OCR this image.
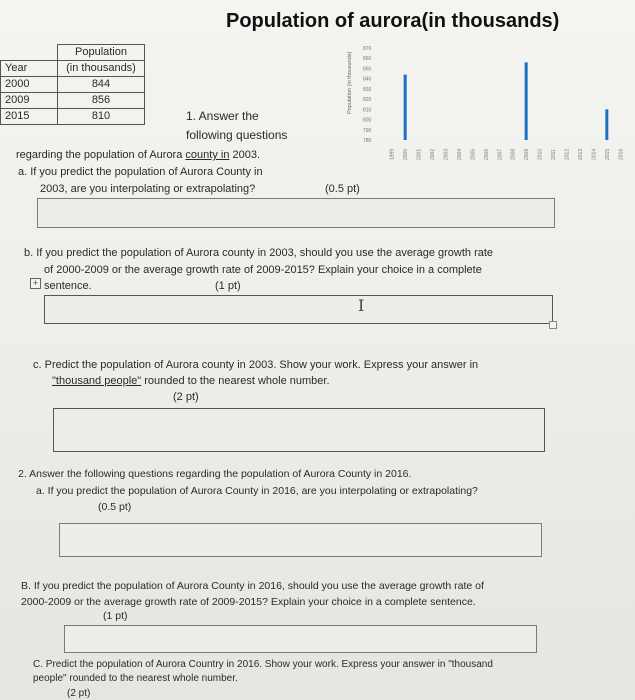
Population of aurora(in thousands)
	Population
Year	(in thousands)
2000	844
2009	856
2015	810
Population (in thousands)
780
790
800
810
820
830
840
850
860
870
1999 2000 2001 2002 2003 2004 2005 2006 2007 2008 2009 2010 2011 2012 2013 2014 2015 2016
1. Answer the
following questions
regarding the population of Aurora county in 2003.
a. If you predict the population of Aurora County in
2003, are you interpolating or extrapolating?	(0.5 pt)
b. If you predict the population of Aurora county in 2003, should you use the average growth rate
of 2000-2009 or the average growth rate of 2009-2015? Explain your choice in a complete
+ sentence.	(1 pt)
I
c. Predict the population of Aurora county in 2003. Show your work. Express your answer in
"thousand people" rounded to the nearest whole number.
(2 pt)
2. Answer the following questions regarding the population of Aurora County in 2016.
a. If you predict the population of Aurora County in 2016, are you interpolating or extrapolating?
(0.5 pt)
B. If you predict the population of Aurora County in 2016, should you use the average growth rate of
2000-2009 or the average growth rate of 2009-2015? Explain your choice in a complete sentence.
(1 pt)
C. Predict the population of Aurora Country in 2016. Show your work. Express your answer in "thousand
people" rounded to the nearest whole number.
(2 pt)
